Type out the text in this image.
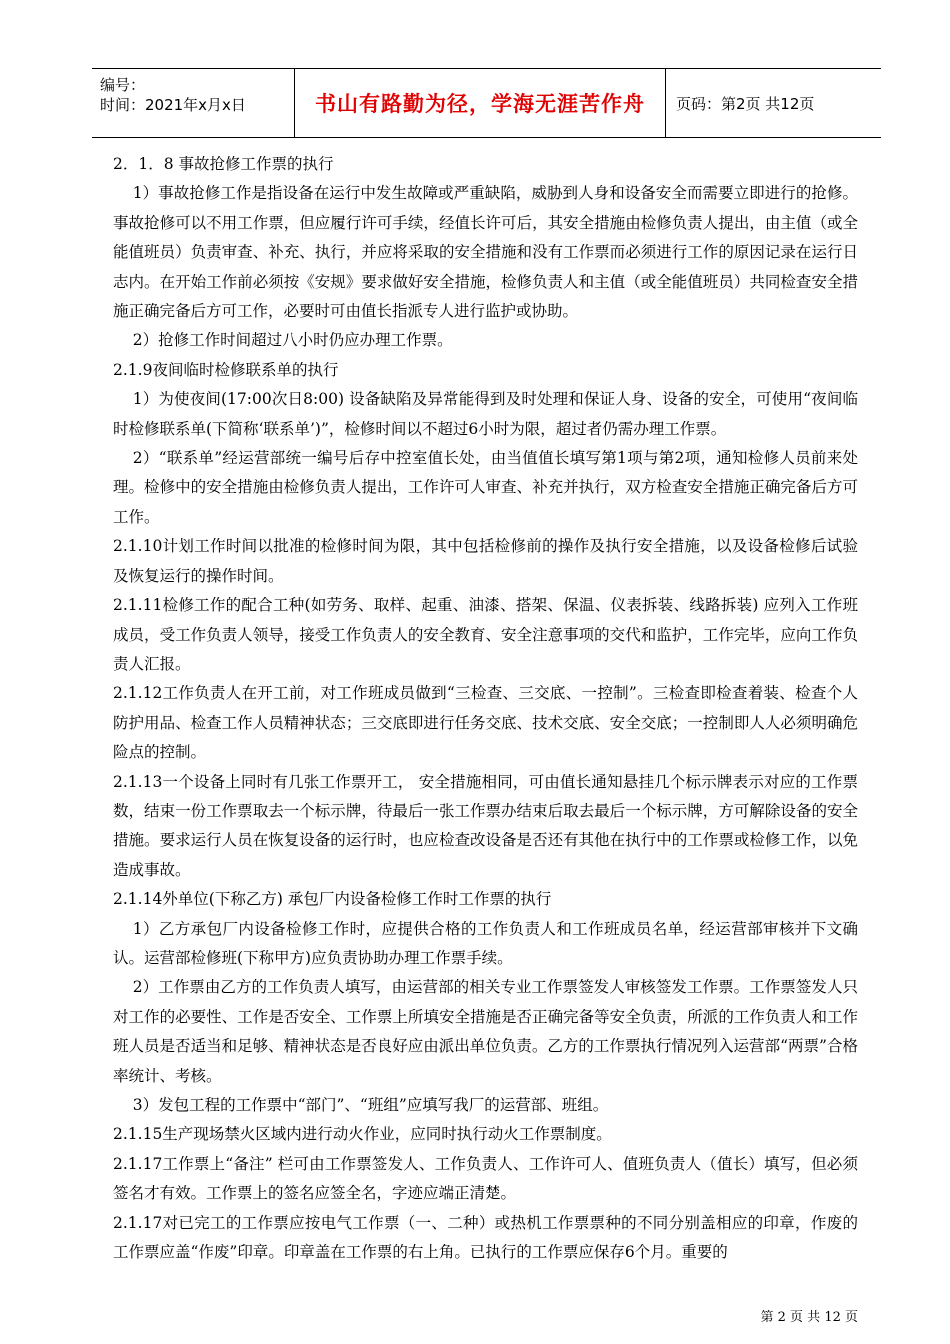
编号：
时间：2021年x月x日	书山有路勤为径，学海无涯苦作舟	页码：第2页 共12页

2．1．8 事故抢修工作票的执行

1）事故抢修工作是指设备在运行中发生故障或严重缺陷，威胁到人身和设备安全而需要立即进行的抢修。事故抢修可以不用工作票，但应履行许可手续，经值长许可后，其安全措施由检修负责人提出，由主值（或全能值班员）负责审查、补充、执行，并应将采取的安全措施和没有工作票而必须进行工作的原因记录在运行日志内。在开始工作前必须按《安规》要求做好安全措施，检修负责人和主值（或全能值班员）共同检查安全措施正确完备后方可工作，必要时可由值长指派专人进行监护或协助。

2）抢修工作时间超过八小时仍应办理工作票。

2.1.9夜间临时检修联系单的执行

1）为使夜间(17:00次日8:00) 设备缺陷及异常能得到及时处理和保证人身、设备的安全，可使用“夜间临时检修联系单(下简称‘联系单’)”，检修时间以不超过6小时为限，超过者仍需办理工作票。

2）“联系单”经运营部统一编号后存中控室值长处，由当值值长填写第1项与第2项，通知检修人员前来处理。检修中的安全措施由检修负责人提出，工作许可人审查、补充并执行，双方检查安全措施正确完备后方可工作。

2.1.10计划工作时间以批准的检修时间为限，其中包括检修前的操作及执行安全措施，以及设备检修后试验及恢复运行的操作时间。

2.1.11检修工作的配合工种(如劳务、取样、起重、油漆、搭架、保温、仪表拆装、线路拆装) 应列入工作班成员，受工作负责人领导，接受工作负责人的安全教育、安全注意事项的交代和监护，工作完毕，应向工作负责人汇报。

2.1.12工作负责人在开工前，对工作班成员做到“三检查、三交底、一控制”。三检查即检查着装、检查个人防护用品、检查工作人员精神状态；三交底即进行任务交底、技术交底、安全交底；一控制即人人必须明确危险点的控制。

2.1.13一个设备上同时有几张工作票开工， 安全措施相同，可由值长通知悬挂几个标示牌表示对应的工作票数，结束一份工作票取去一个标示牌，待最后一张工作票办结束后取去最后一个标示牌，方可解除设备的安全措施。要求运行人员在恢复设备的运行时，也应检查改设备是否还有其他在执行中的工作票或检修工作，以免造成事故。

2.1.14外单位(下称乙方) 承包厂内设备检修工作时工作票的执行

1）乙方承包厂内设备检修工作时，应提供合格的工作负责人和工作班成员名单，经运营部审核并下文确认。运营部检修班(下称甲方)应负责协助办理工作票手续。

2）工作票由乙方的工作负责人填写，由运营部的相关专业工作票签发人审核签发工作票。工作票签发人只对工作的必要性、工作是否安全、工作票上所填安全措施是否正确完备等安全负责，所派的工作负责人和工作班人员是否适当和足够、精神状态是否良好应由派出单位负责。乙方的工作票执行情况列入运营部“两票”合格率统计、考核。

3）发包工程的工作票中“部门”、“班组”应填写我厂的运营部、班组。

2.1.15生产现场禁火区域内进行动火作业，应同时执行动火工作票制度。

2.1.17工作票上“备注” 栏可由工作票签发人、工作负责人、工作许可人、值班负责人（值长）填写，但必须签名才有效。工作票上的签名应签全名，字迹应端正清楚。

2.1.17对已完工的工作票应按电气工作票（一、二种）或热机工作票票种的不同分别盖相应的印章，作废的工作票应盖“作废”印章。印章盖在工作票的右上角。已执行的工作票应保存6个月。重要的

第 2 页 共 12 页
